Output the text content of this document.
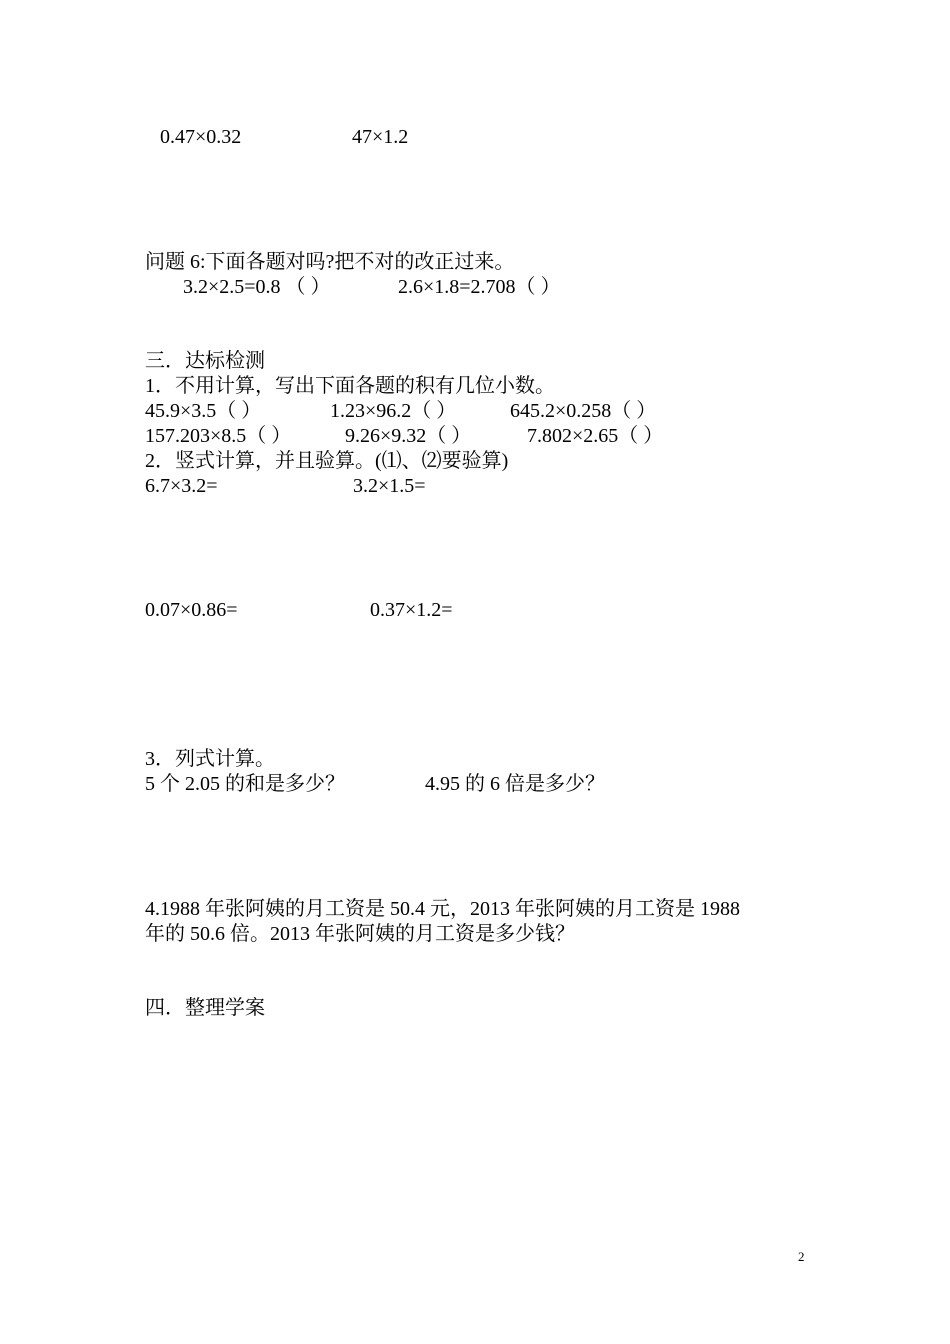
0.47×0.32	47×1.2
问题 6:下面各题对吗?把不对的改正过来。
3.2×2.5=0.8 （ ）	2.6×1.8=2.708（ ）
三．达标检测
1．不用计算，写出下面各题的积有几位小数。
45.9×3.5（ ）	1.23×96.2（ ）	645.2×0.258（ ）
157.203×8.5（ ）	9.26×9.32（ ）	7.802×2.65（ ）
2．竖式计算，并且验算。(⑴、⑵要验算)
6.7×3.2=	3.2×1.5=
0.07×0.86=	0.37×1.2=
3．列式计算。
5 个 2.05 的和是多少？	4.95 的 6 倍是多少？
4.1988 年张阿姨的月工资是 50.4 元，2013 年张阿姨的月工资是 1988
年的 50.6 倍。2013 年张阿姨的月工资是多少钱？
四．整理学案
2
